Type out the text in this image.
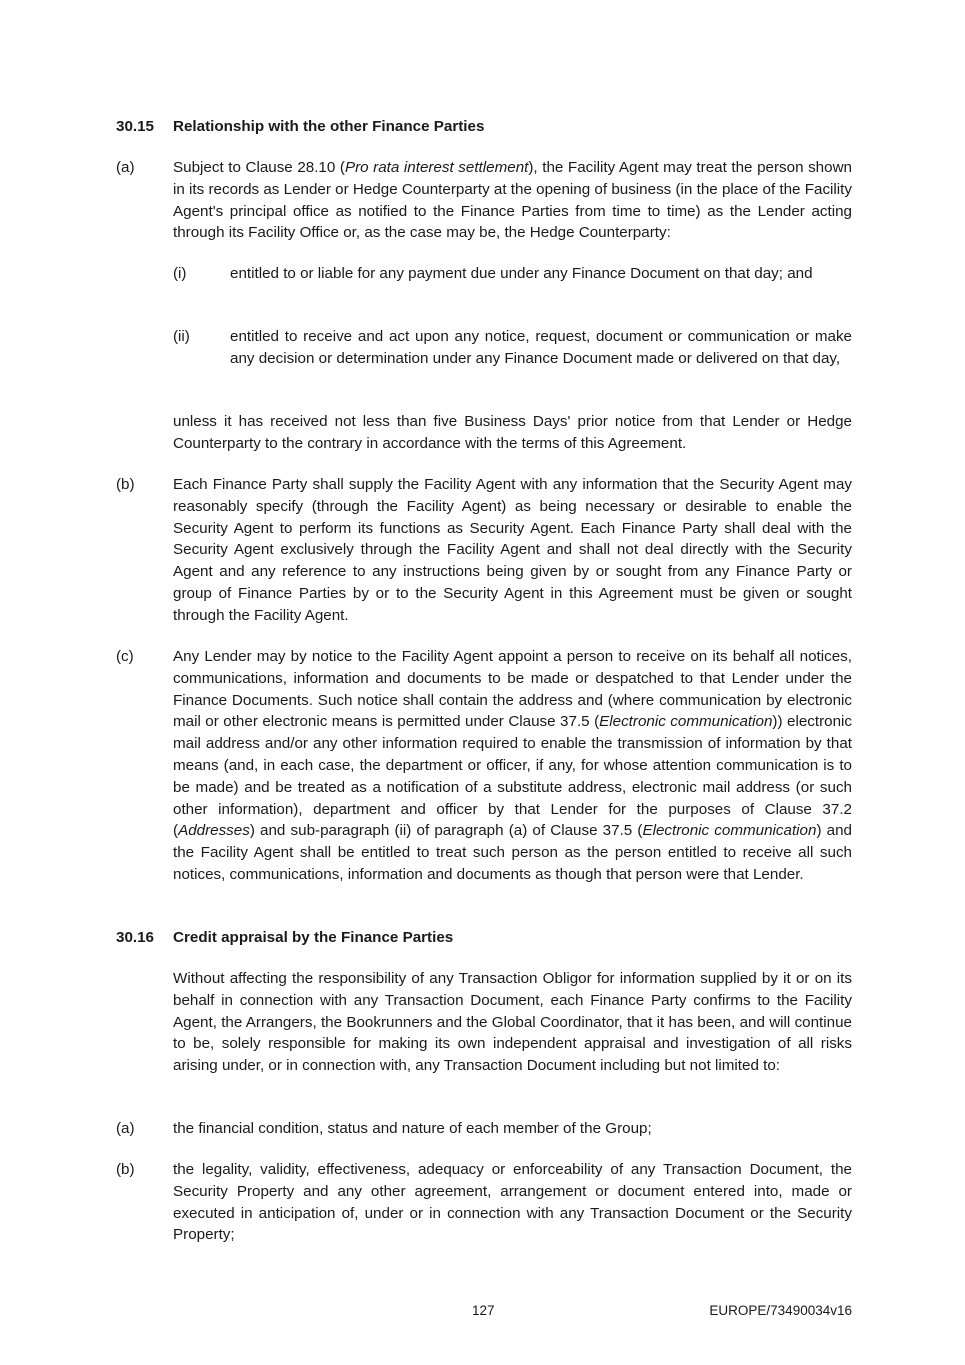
30.15 Relationship with the other Finance Parties
(a)	Subject to Clause 28.10 (Pro rata interest settlement), the Facility Agent may treat the person shown in its records as Lender or Hedge Counterparty at the opening of business (in the place of the Facility Agent's principal office as notified to the Finance Parties from time to time) as the Lender acting through its Facility Office or, as the case may be, the Hedge Counterparty:
(i)	entitled to or liable for any payment due under any Finance Document on that day; and
(ii)	entitled to receive and act upon any notice, request, document or communication or make any decision or determination under any Finance Document made or delivered on that day,
unless it has received not less than five Business Days' prior notice from that Lender or Hedge Counterparty to the contrary in accordance with the terms of this Agreement.
(b)	Each Finance Party shall supply the Facility Agent with any information that the Security Agent may reasonably specify (through the Facility Agent) as being necessary or desirable to enable the Security Agent to perform its functions as Security Agent. Each Finance Party shall deal with the Security Agent exclusively through the Facility Agent and shall not deal directly with the Security Agent and any reference to any instructions being given by or sought from any Finance Party or group of Finance Parties by or to the Security Agent in this Agreement must be given or sought through the Facility Agent.
(c)	Any Lender may by notice to the Facility Agent appoint a person to receive on its behalf all notices, communications, information and documents to be made or despatched to that Lender under the Finance Documents. Such notice shall contain the address and (where communication by electronic mail or other electronic means is permitted under Clause 37.5 (Electronic communication)) electronic mail address and/or any other information required to enable the transmission of information by that means (and, in each case, the department or officer, if any, for whose attention communication is to be made) and be treated as a notification of a substitute address, electronic mail address (or such other information), department and officer by that Lender for the purposes of Clause 37.2 (Addresses) and sub-paragraph (ii) of paragraph (a) of Clause 37.5 (Electronic communication) and the Facility Agent shall be entitled to treat such person as the person entitled to receive all such notices, communications, information and documents as though that person were that Lender.
30.16 Credit appraisal by the Finance Parties
Without affecting the responsibility of any Transaction Obligor for information supplied by it or on its behalf in connection with any Transaction Document, each Finance Party confirms to the Facility Agent, the Arrangers, the Bookrunners and the Global Coordinator, that it has been, and will continue to be, solely responsible for making its own independent appraisal and investigation of all risks arising under, or in connection with, any Transaction Document including but not limited to:
(a)	the financial condition, status and nature of each member of the Group;
(b)	the legality, validity, effectiveness, adequacy or enforceability of any Transaction Document, the Security Property and any other agreement, arrangement or document entered into, made or executed in anticipation of, under or in connection with any Transaction Document or the Security Property;
127	EUROPE/73490034v16
